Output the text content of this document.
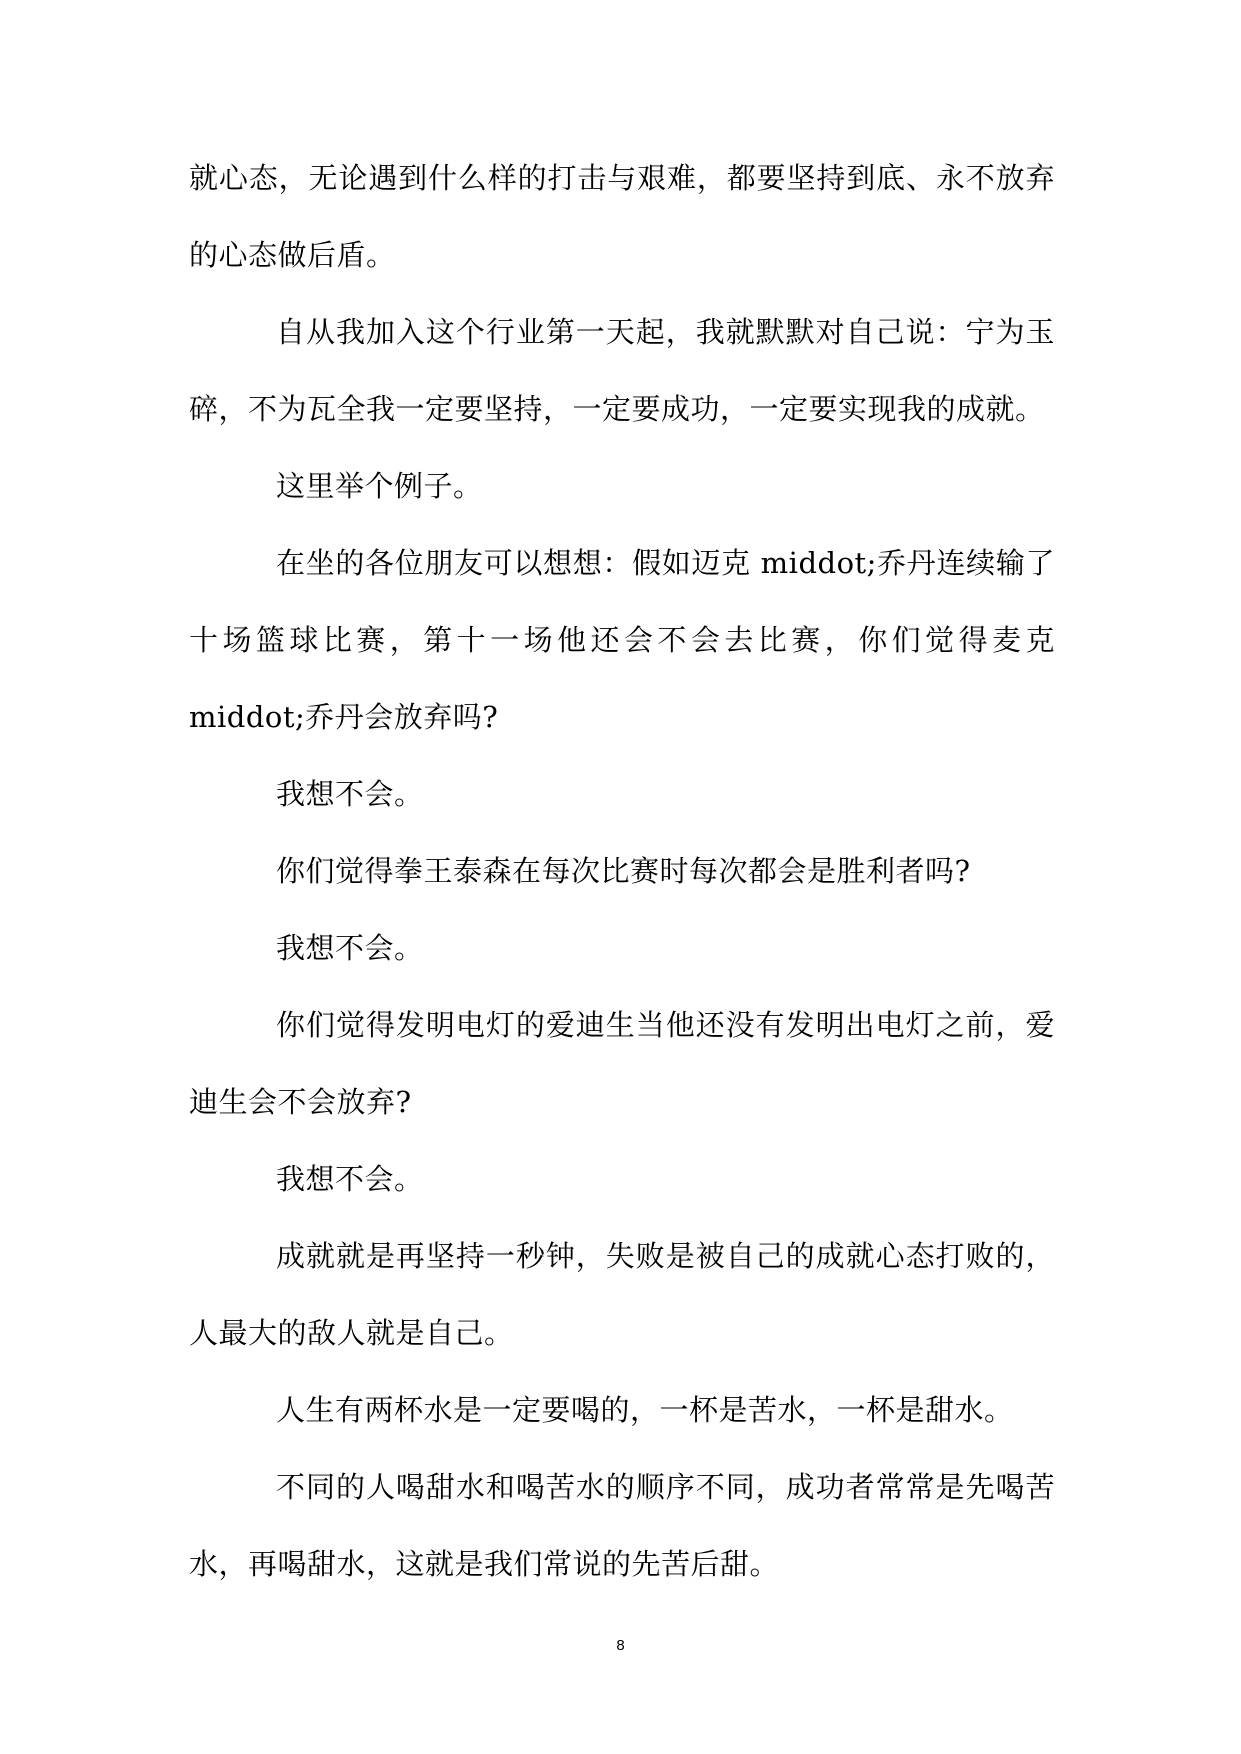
就心态，无论遇到什么样的打击与艰难，都要坚持到底、永不放弃的心态做后盾。

自从我加入这个行业第一天起，我就默默对自己说：宁为玉碎，不为瓦全我一定要坚持，一定要成功，一定要实现我的成就。

这里举个例子。

在坐的各位朋友可以想想：假如迈克 middot;乔丹连续输了十场篮球比赛，第十一场他还会不会去比赛，你们觉得麦克 middot;乔丹会放弃吗?

我想不会。

你们觉得拳王泰森在每次比赛时每次都会是胜利者吗?

我想不会。

你们觉得发明电灯的爱迪生当他还没有发明出电灯之前，爱迪生会不会放弃?

我想不会。

成就就是再坚持一秒钟，失败是被自己的成就心态打败的，人最大的敌人就是自己。

人生有两杯水是一定要喝的，一杯是苦水，一杯是甜水。

不同的人喝甜水和喝苦水的顺序不同，成功者常常是先喝苦水，再喝甜水，这就是我们常说的先苦后甜。

8
